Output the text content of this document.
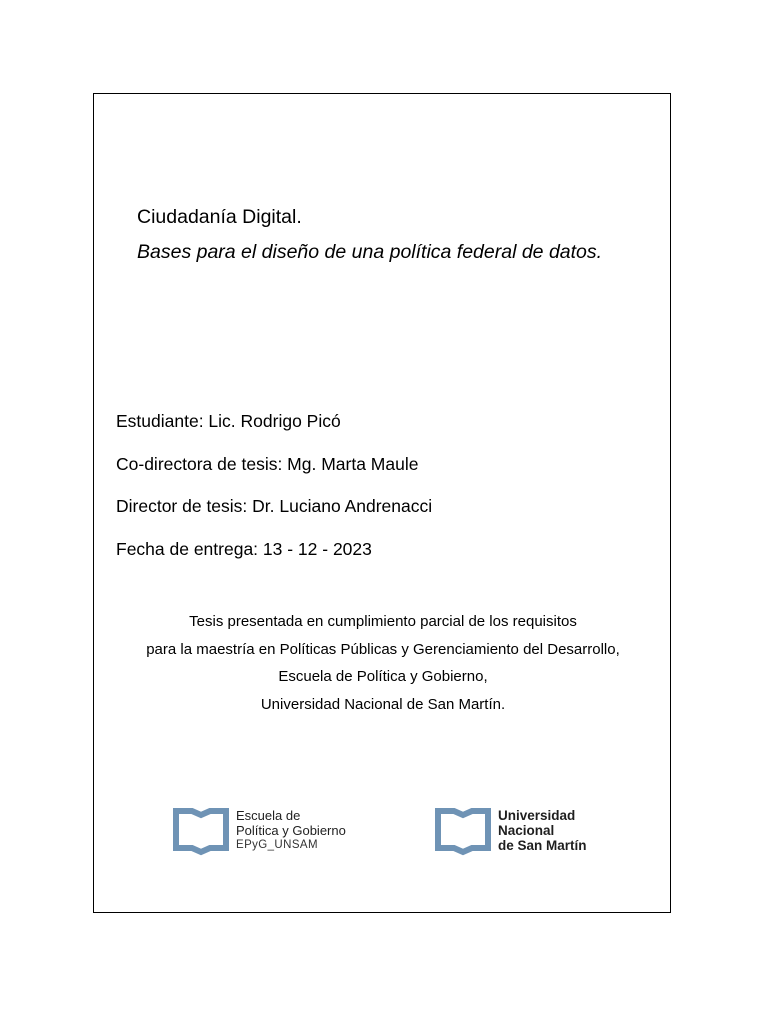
Ciudadanía Digital.
Bases para el diseño de una política federal de datos.
Estudiante: Lic. Rodrigo Picó
Co-directora de tesis: Mg. Marta Maule
Director de tesis: Dr. Luciano Andrenacci
Fecha de entrega: 13 - 12 - 2023
Tesis presentada en cumplimiento parcial de los requisitos
para la maestría en Políticas Públicas y Gerenciamiento del Desarrollo,
Escuela de Política y Gobierno,
Universidad Nacional de San Martín.
Escuela de
Política y Gobierno
EPyG_UNSAM
Universidad
Nacional
de San Martín
